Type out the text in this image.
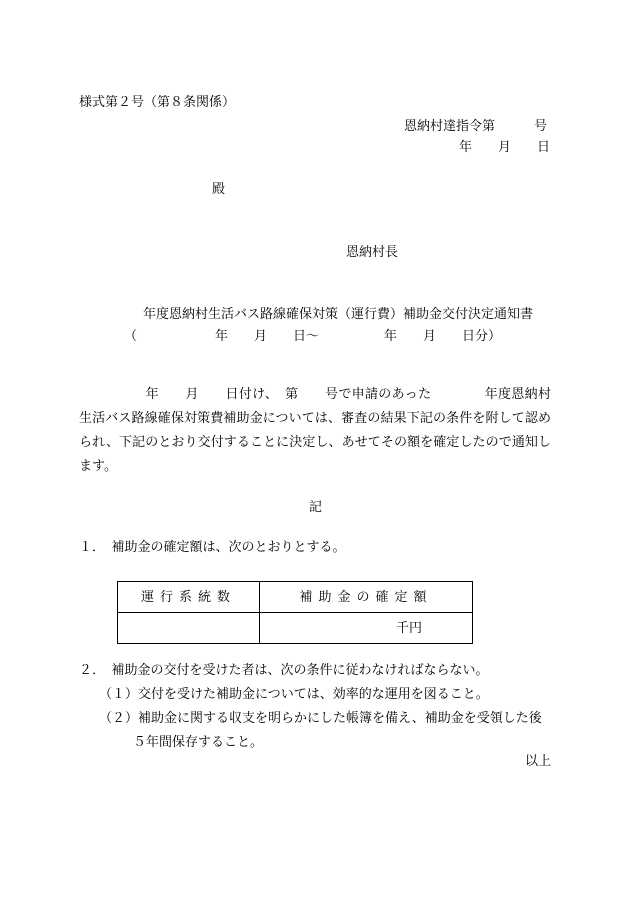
様式第２号（第８条関係）
恩納村達指令第　　　号
年　　月　　日
殿
恩納村長
年度恩納村生活バス路線確保対策（運行費）補助金交付決定通知書
（　　　　　　年　　月　　日～　　　　　年　　月　　日分）
　　　　　年　　月　　日付け、　第　　号で申請のあった　　　　年度恩納村生活バス路線確保対策費補助金については、審査の結果下記の条件を附して認められ、下記のとおり交付することに決定し、あせてその額を確定したので通知します。
記
１．　補助金の確定額は、次のとおりとする。
運行系統数	補助金の確定額
	千円
２．　補助金の交付を受けた者は、次の条件に従わなければならない。
（１）交付を受けた補助金については、効率的な運用を図ること。
（２）補助金に関する収支を明らかにした帳簿を備え、補助金を受領した後
５年間保存すること。
以上
